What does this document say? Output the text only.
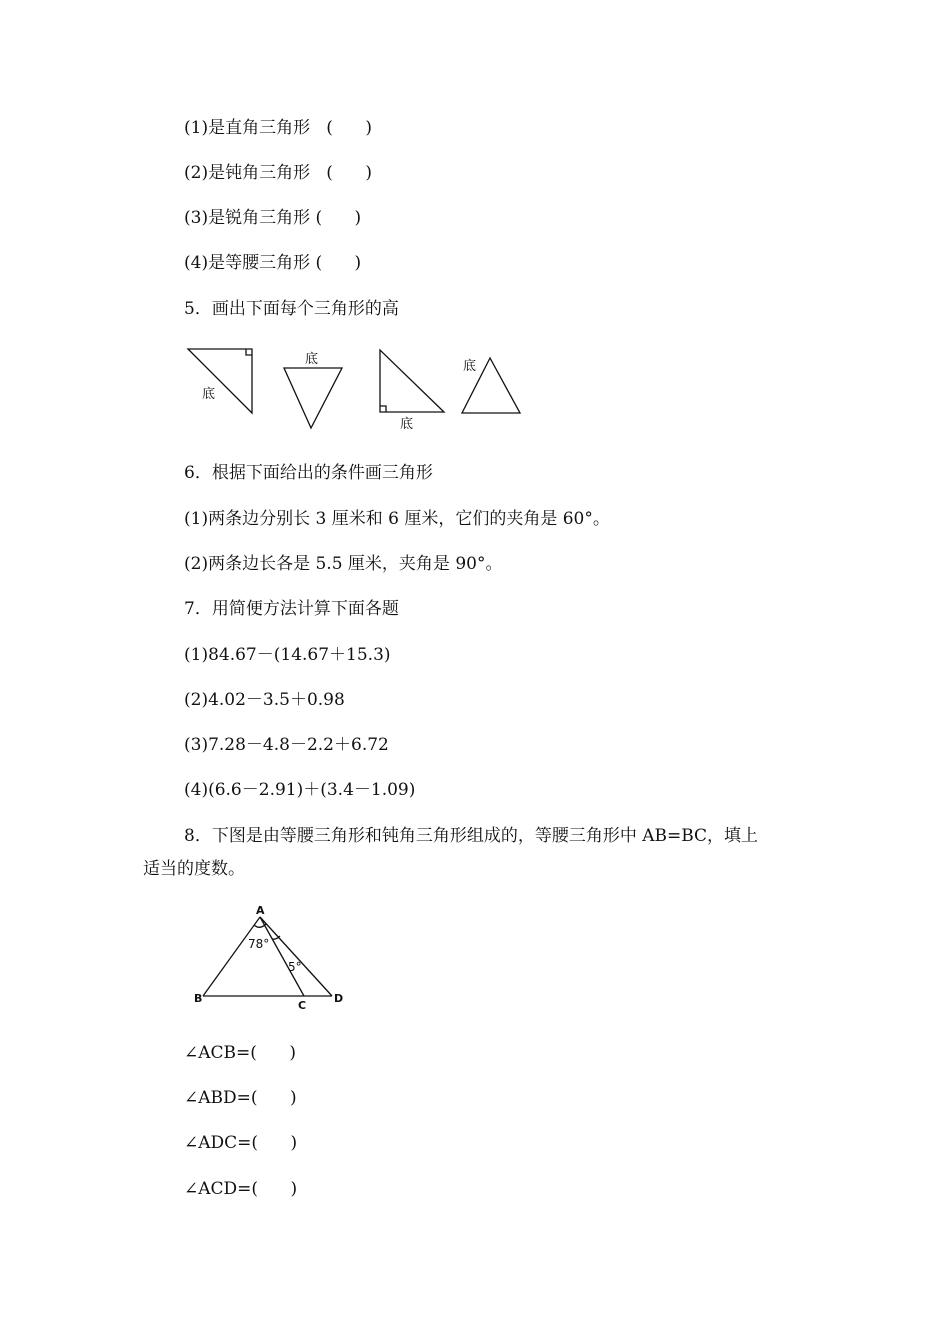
(1)是直角三角形   (      )
(2)是钝角三角形   (      )
(3)是锐角三角形 (      )
(4)是等腰三角形 (      )
5．画出下面每个三角形的高
底
底
底
底
6．根据下面给出的条件画三角形
(1)两条边分别长 3 厘米和 6 厘米，它们的夹角是 60°。
(2)两条边长各是 5.5 厘米，夹角是 90°。
7．用简便方法计算下面各题
(1)84.67－(14.67＋15.3)
(2)4.02－3.5＋0.98
(3)7.28－4.8－2.2＋6.72
(4)(6.6－2.91)＋(3.4－1.09)
8．下图是由等腰三角形和钝角三角形组成的，等腰三角形中 AB=BC，填上
适当的度数。
A
B
C
D
78°
5°
∠ACB=(      )
∠ABD=(      )
∠ADC=(      )
∠ACD=(      )
